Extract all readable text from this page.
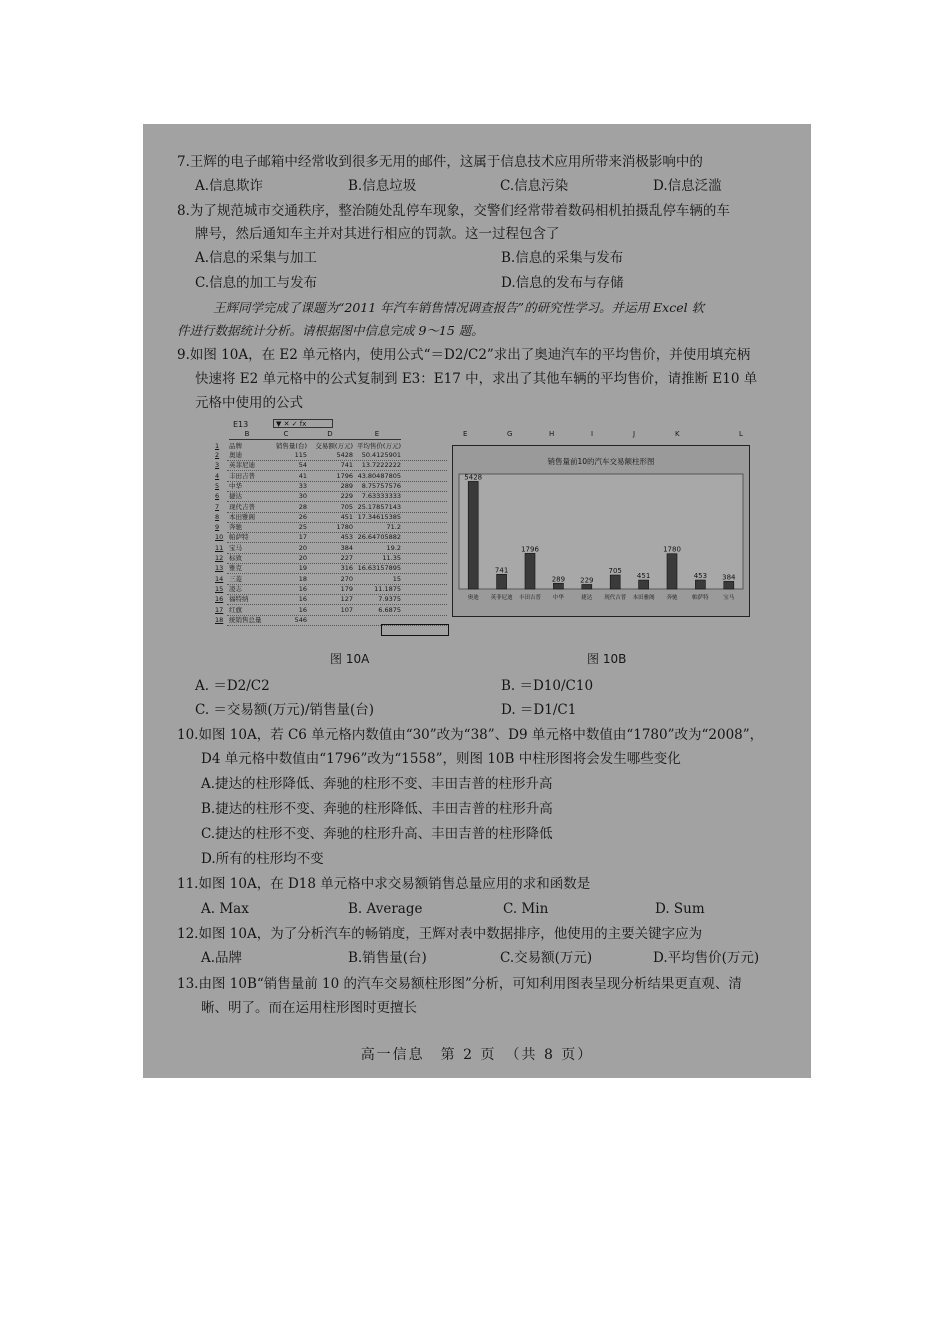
7.王辉的电子邮箱中经常收到很多无用的邮件，这属于信息技术应用所带来消极影响中的
A.信息欺诈	B.信息垃圾	C.信息污染	D.信息泛滥
8.为了规范城市交通秩序，整治随处乱停车现象，交警们经常带着数码相机拍摄乱停车辆的车
牌号，然后通知车主并对其进行相应的罚款。这一过程包含了
A.信息的采集与加工	B.信息的采集与发布
C.信息的加工与发布	D.信息的发布与存储
王辉同学完成了课题为“2011 年汽车销售情况调查报告”的研究性学习。并运用 Excel 软
件进行数据统计分析。请根据图中信息完成 9～15 题。
9.如图 10A，在 E2 单元格内，使用公式“＝D2/C2”求出了奥迪汽车的平均售价，并使用填充柄
快速将 E2 单元格中的公式复制到 E3：E17 中，求出了其他车辆的平均售价，请推断 E10 单
元格中使用的公式
图 10A	图 10B
A. ＝D2/C2	B. ＝D10/C10
C. ＝交易额(万元)/销售量(台)	D. ＝D1/C1
10.如图 10A，若 C6 单元格内数值由“30”改为“38”、D9 单元格中数值由“1780”改为“2008”，
D4 单元格中数值由“1796”改为“1558”，则图 10B 中柱形图将会发生哪些变化
A.捷达的柱形降低、奔驰的柱形不变、丰田吉普的柱形升高
B.捷达的柱形不变、奔驰的柱形降低、丰田吉普的柱形升高
C.捷达的柱形不变、奔驰的柱形升高、丰田吉普的柱形降低
D.所有的柱形均不变
11.如图 10A，在 D18 单元格中求交易额销售总量应用的求和函数是
A. Max	B. Average	C. Min	D. Sum
12.如图 10A，为了分析汽车的畅销度，王辉对表中数据排序，他使用的主要关键字应为
A.品牌	B.销售量(台)	C.交易额(万元)	D.平均售价(万元)
13.由图 10B“销售量前 10 的汽车交易额柱形图”分析，可知利用图表呈现分析结果更直观、清
晰、明了。而在运用柱形图时更擅长
高一信息　第 2 页　（共 8 页）
E13	▼ ✕ ✓ fx
B	C	D	E
1	品牌	销售量(台)	交易额(万元) 平均售价(万元)
2	奥迪	115	5428	50.4125901
3	英菲尼迪	54	741	13.7222222
4	丰田吉普	41	1796 43.80487805
5	中华	33	289	8.75757576
6	捷达	30	229	7.63333333
7	现代吉普	28	705 25.17857143
8	本田雅阁	26	451 17.34615385
9	奔驰	25	1780	71.2
10 帕萨特	17	453 26.64705882
11 宝马	20	384	19.2
12 标致	20	227	11.35
13 雅克	19	316 16.63157895
14 三菱	18	270	15
15 凌志	16	179	11.1875
16 福特纳	16	127	7.9375
17 红旗	16	107	6.6875
18 统销售总量	546
E	G	H	I	J	K	L
销售量前10的汽车交易额柱形图
5428
奥迪
741
英菲尼迪
1796
丰田吉普
289
中华
229
捷达
705
现代吉普
451
本田雅阁
1780
奔驰
453
帕萨特
384
宝马
